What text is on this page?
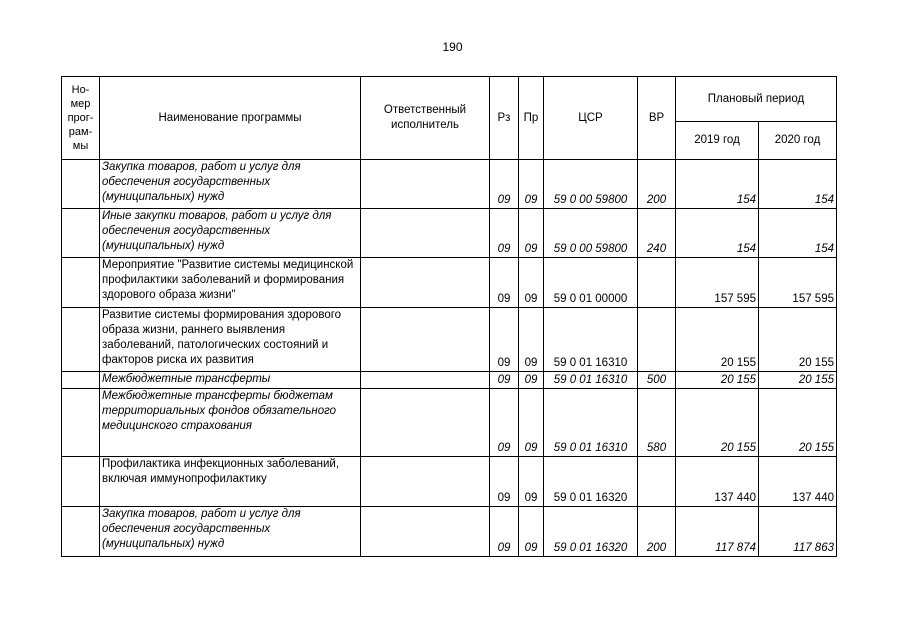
190
Но-мер прог-рам-мы	Наименование программы	Ответственный исполнитель	Рз	Пр	ЦСР	ВР	Плановый период	
							2019 год	2020 год
	Закупка товаров, работ и услуг для обеспечения государственных (муниципальных) нужд		09	09	59 0 00 59800	200	154	154
	Иные закупки товаров, работ и услуг для обеспечения государственных (муниципальных) нужд		09	09	59 0 00 59800	240	154	154
	Мероприятие "Развитие системы медицинской профилактики заболеваний и формирования здорового образа жизни"		09	09	59 0 01 00000		157 595	157 595
	Развитие системы формирования здорового образа жизни, раннего выявления заболеваний, патологических состояний и факторов риска их развития		09	09	59 0 01 16310		20 155	20 155
	Межбюджетные трансферты		09	09	59 0 01 16310	500	20 155	20 155
	Межбюджетные трансферты бюджетам территориальных фондов обязательного медицинского страхования		09	09	59 0 01 16310	580	20 155	20 155
	Профилактика инфекционных заболеваний, включая иммунопрофилактику		09	09	59 0 01 16320		137 440	137 440
	Закупка товаров, работ и услуг для обеспечения государственных (муниципальных) нужд		09	09	59 0 01 16320	200	117 874	117 863
